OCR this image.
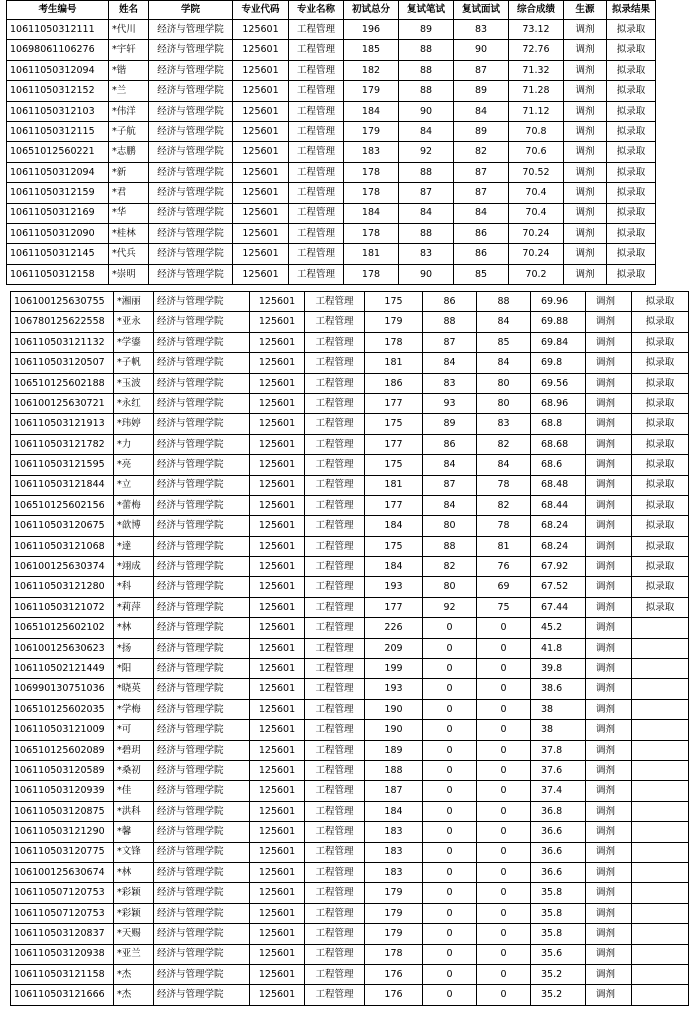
考生编号	姓名	学院	专业代码	专业名称	初试总分	复试笔试	复试面试	综合成绩	生源	拟录结果
10611050312111	*代川	经济与管理学院	125601	工程管理	196	89	83	73.12	调剂	拟录取
10698061106276	*宇轩	经济与管理学院	125601	工程管理	185	88	90	72.76	调剂	拟录取
10611050312094	*锴	经济与管理学院	125601	工程管理	182	88	87	71.32	调剂	拟录取
10611050312152	*兰	经济与管理学院	125601	工程管理	179	88	89	71.28	调剂	拟录取
10611050312103	*伟洋	经济与管理学院	125601	工程管理	184	90	84	71.12	调剂	拟录取
10611050312115	*子航	经济与管理学院	125601	工程管理	179	84	89	70.8	调剂	拟录取
10651012560221	*志鹏	经济与管理学院	125601	工程管理	183	92	82	70.6	调剂	拟录取
10611050312094	*新	经济与管理学院	125601	工程管理	178	88	87	70.52	调剂	拟录取
10611050312159	*君	经济与管理学院	125601	工程管理	178	87	87	70.4	调剂	拟录取
10611050312169	*华	经济与管理学院	125601	工程管理	184	84	84	70.4	调剂	拟录取
10611050312090	*桂林	经济与管理学院	125601	工程管理	178	88	86	70.24	调剂	拟录取
10611050312145	*代兵	经济与管理学院	125601	工程管理	181	83	86	70.24	调剂	拟录取
10611050312158	*崇明	经济与管理学院	125601	工程管理	178	90	85	70.2	调剂	拟录取
106100125630755	*湘丽	经济与管理学院	125601	工程管理	175	86	88	69.96	调剂	拟录取
106780125622558	*亚永	经济与管理学院	125601	工程管理	179	88	84	69.88	调剂	拟录取
106110503121132	*学鎏	经济与管理学院	125601	工程管理	178	87	85	69.84	调剂	拟录取
106110503120507	*子帆	经济与管理学院	125601	工程管理	181	84	84	69.8	调剂	拟录取
106510125602188	*玉波	经济与管理学院	125601	工程管理	186	83	80	69.56	调剂	拟录取
106100125630721	*永红	经济与管理学院	125601	工程管理	177	93	80	68.96	调剂	拟录取
106110503121913	*玮婷	经济与管理学院	125601	工程管理	175	89	83	68.8	调剂	拟录取
106110503121782	*力	经济与管理学院	125601	工程管理	177	86	82	68.68	调剂	拟录取
106110503121595	*亮	经济与管理学院	125601	工程管理	175	84	84	68.6	调剂	拟录取
106110503121844	*立	经济与管理学院	125601	工程管理	181	87	78	68.48	调剂	拟录取
106510125602156	*蕾梅	经济与管理学院	125601	工程管理	177	84	82	68.44	调剂	拟录取
106110503120675	*歆博	经济与管理学院	125601	工程管理	184	80	78	68.24	调剂	拟录取
106110503121068	*達	经济与管理学院	125601	工程管理	175	88	81	68.24	调剂	拟录取
106100125630374	*翊成	经济与管理学院	125601	工程管理	184	82	76	67.92	调剂	拟录取
106110503121280	*科	经济与管理学院	125601	工程管理	193	80	69	67.52	调剂	拟录取
106110503121072	*莉萍	经济与管理学院	125601	工程管理	177	92	75	67.44	调剂	拟录取
106510125602102	*林	经济与管理学院	125601	工程管理	226	0	0	45.2	调剂	
106100125630623	*扬	经济与管理学院	125601	工程管理	209	0	0	41.8	调剂	
106110502121449	*阳	经济与管理学院	125601	工程管理	199	0	0	39.8	调剂	
106990130751036	*晓英	经济与管理学院	125601	工程管理	193	0	0	38.6	调剂	
106510125602035	*学梅	经济与管理学院	125601	工程管理	190	0	0	38	调剂	
106110503121009	*可	经济与管理学院	125601	工程管理	190	0	0	38	调剂	
106510125602089	*碧玥	经济与管理学院	125601	工程管理	189	0	0	37.8	调剂	
106110503120589	*桑初	经济与管理学院	125601	工程管理	188	0	0	37.6	调剂	
106110503120939	*佳	经济与管理学院	125601	工程管理	187	0	0	37.4	调剂	
106110503120875	*洪科	经济与管理学院	125601	工程管理	184	0	0	36.8	调剂	
106110503121290	*馨	经济与管理学院	125601	工程管理	183	0	0	36.6	调剂	
106110503120775	*文锋	经济与管理学院	125601	工程管理	183	0	0	36.6	调剂	
106100125630674	*林	经济与管理学院	125601	工程管理	183	0	0	36.6	调剂	
106110507120753	*彩颖	经济与管理学院	125601	工程管理	179	0	0	35.8	调剂	
106110507120753	*彩颖	经济与管理学院	125601	工程管理	179	0	0	35.8	调剂	
106110503120837	*天赐	经济与管理学院	125601	工程管理	179	0	0	35.8	调剂	
106110503120938	*亚兰	经济与管理学院	125601	工程管理	178	0	0	35.6	调剂	
106110503121158	*杰	经济与管理学院	125601	工程管理	176	0	0	35.2	调剂	
106110503121666	*杰	经济与管理学院	125601	工程管理	176	0	0	35.2	调剂	
